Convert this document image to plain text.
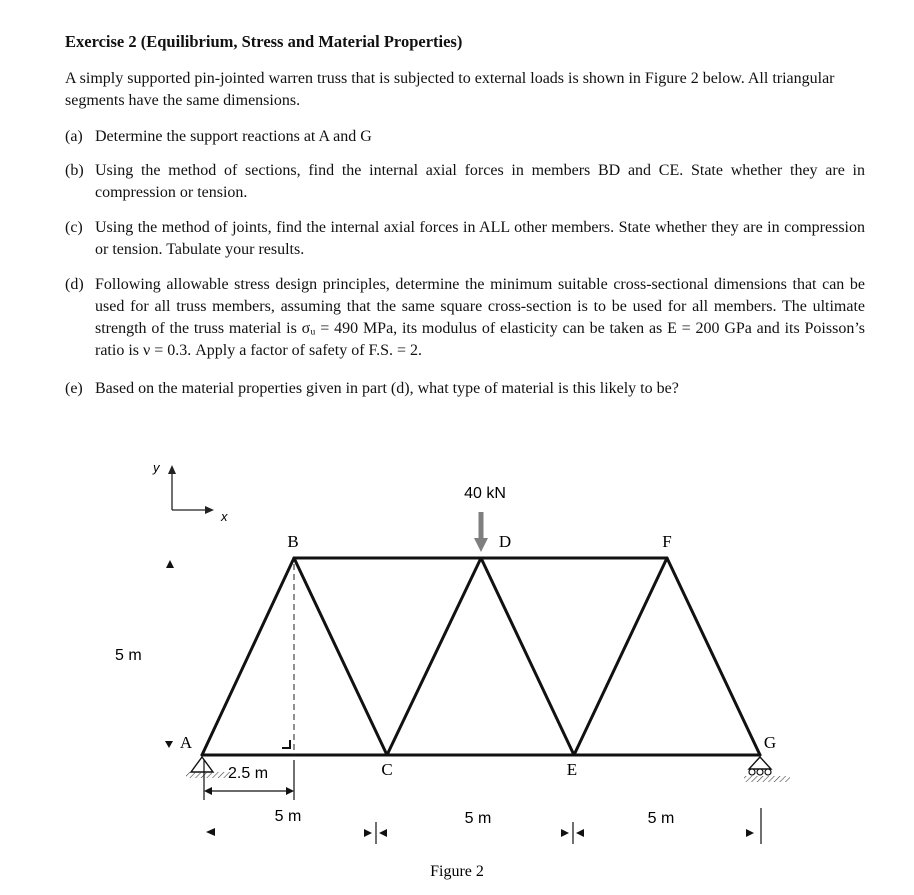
Exercise 2 (Equilibrium, Stress and Material Properties)
A simply supported pin-jointed warren truss that is subjected to external loads is shown in Figure 2 below. All triangular segments have the same dimensions.
(a) Determine the support reactions at A and G
(b) Using the method of sections, find the internal axial forces in members BD and CE. State whether they are in compression or tension.
(c) Using the method of joints, find the internal axial forces in ALL other members. State whether they are in compression or tension. Tabulate your results.
(d) Following allowable stress design principles, determine the minimum suitable cross-sectional dimensions that can be used for all truss members, assuming that the same square cross-section is to be used for all members. The ultimate strength of the truss material is σᵤ = 490 MPa, its modulus of elasticity can be taken as E = 200 GPa and its Poisson’s ratio is ν = 0.3. Apply a factor of safety of F.S. = 2.
(e) Based on the material properties given in part (d), what type of material is this likely to be?
y
x
40 kN
B	D	F
A
C	E
G
5 m
2.5 m
5 m	5 m	5 m
Figure 2
